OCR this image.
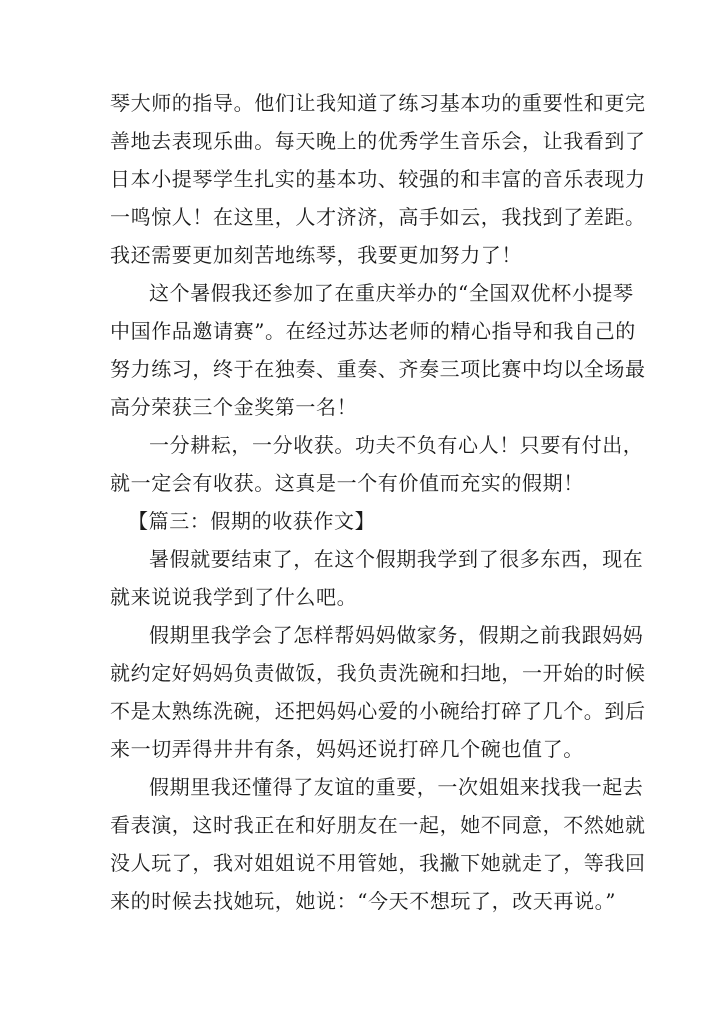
琴大师的指导。他们让我知道了练习基本功的重要性和更完
善地去表现乐曲。每天晚上的优秀学生音乐会，让我看到了
日本小提琴学生扎实的基本功、较强的和丰富的音乐表现力
一鸣惊人！在这里，人才济济，高手如云，我找到了差距。
我还需要更加刻苦地练琴，我要更加努力了！
这个暑假我还参加了在重庆举办的“全国双优杯小提琴
中国作品邀请赛”。在经过苏达老师的精心指导和我自己的
努力练习，终于在独奏、重奏、齐奏三项比赛中均以全场最
高分荣获三个金奖第一名！
一分耕耘，一分收获。功夫不负有心人！只要有付出，
就一定会有收获。这真是一个有价值而充实的假期！
【篇三：假期的收获作文】
暑假就要结束了，在这个假期我学到了很多东西，现在
就来说说我学到了什么吧。
假期里我学会了怎样帮妈妈做家务，假期之前我跟妈妈
就约定好妈妈负责做饭，我负责洗碗和扫地，一开始的时候
不是太熟练洗碗，还把妈妈心爱的小碗给打碎了几个。到后
来一切弄得井井有条，妈妈还说打碎几个碗也值了。
假期里我还懂得了友谊的重要，一次姐姐来找我一起去
看表演，这时我正在和好朋友在一起，她不同意，不然她就
没人玩了，我对姐姐说不用管她，我撇下她就走了，等我回
来的时候去找她玩，她说：“今天不想玩了，改天再说。”
